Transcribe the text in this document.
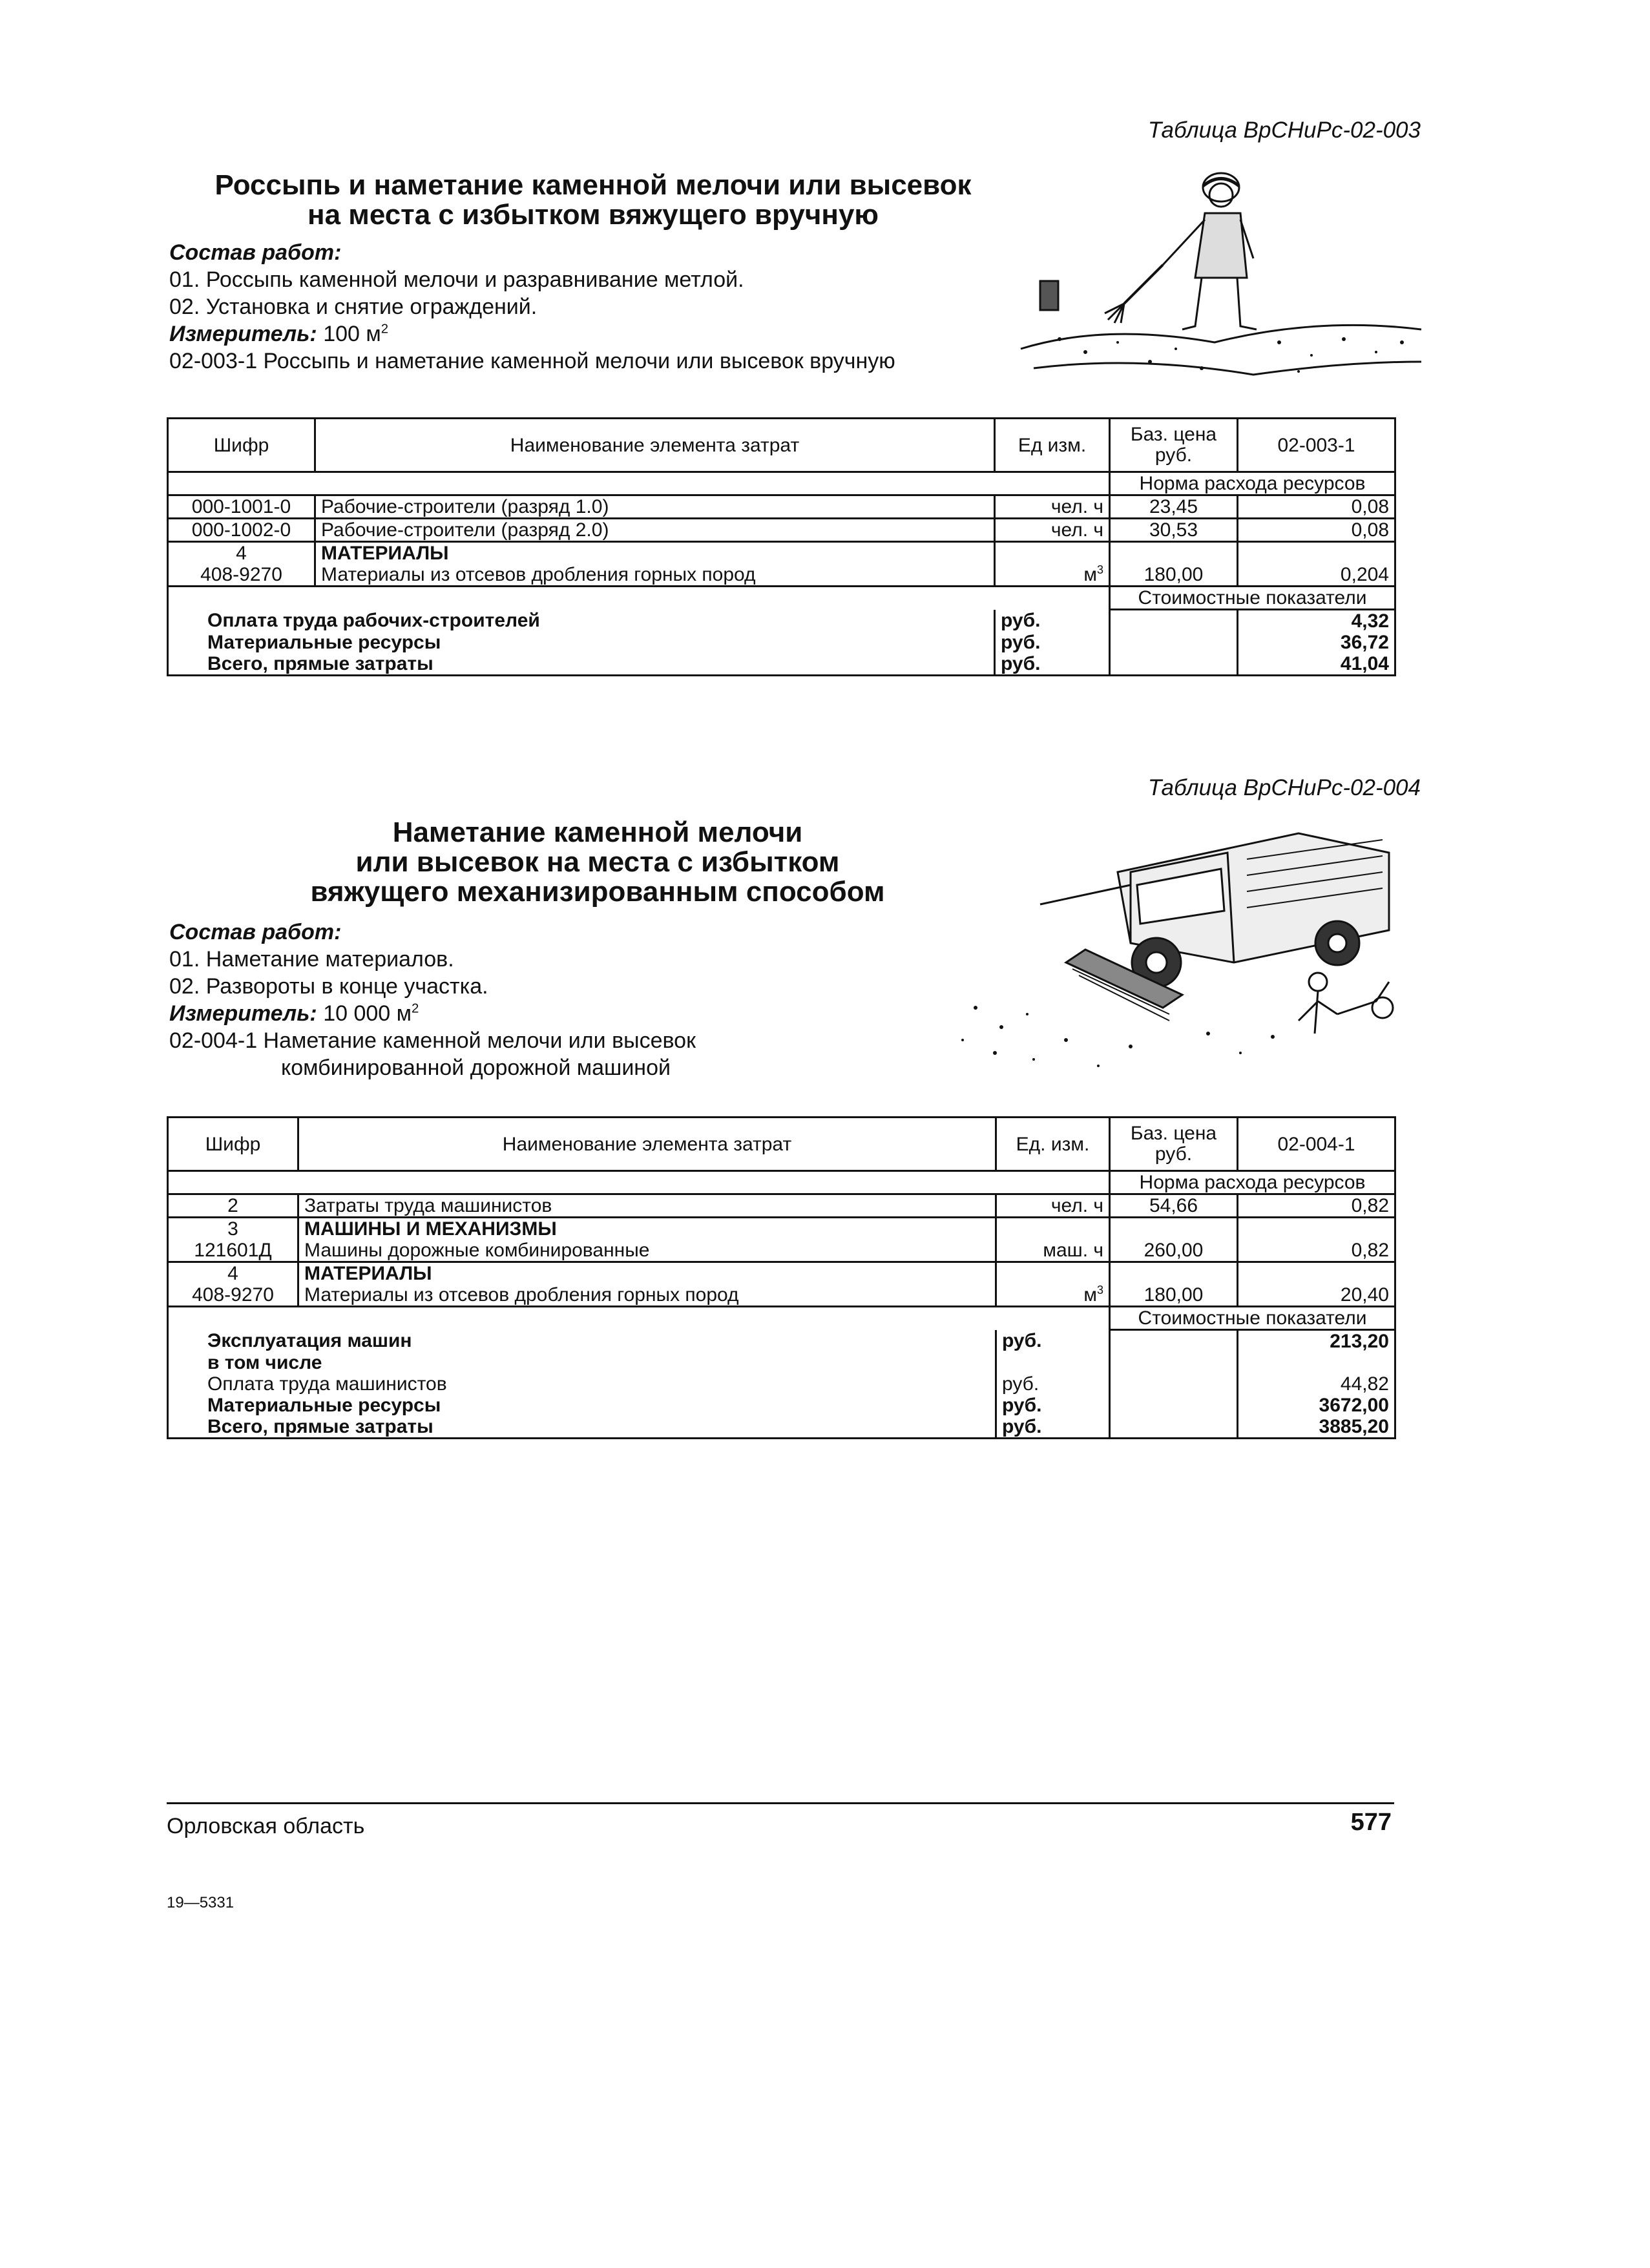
Таблица ВрСНиРс-02-003
Россыпь и наметание каменной мелочи или высевок
на места с избытком вяжущего вручную
Состав работ:
01. Россыпь каменной мелочи и разравнивание метлой.
02. Установка и снятие ограждений.
Измеритель: 100 $м^2$
02-003-1 Россыпь и наметание каменной мелочи или высевок вручную
Шифр	Наименование элемента затрат	Ед изм.	Баз. цена руб.	02-003-1
			Норма расхода ресурсов	
000-1001-0	Рабочие-строители (разряд 1.0)	чел. ч	23,45	0,08
000-1002-0	Рабочие-строители (разряд 2.0)	чел. ч	30,53	0,08
4	МАТЕРИАЛЫ			
408-9270	Материалы из отсевов дробления горных пород	$м^3$	180,00	0,204
			Стоимостные показатели	
Оплата труда рабочих-строителей		руб.		4,32
Материальные ресурсы		руб.		36,72
Всего, прямые затраты		руб.		41,04
Таблица ВрСНиРс-02-004
Наметание каменной мелочи
или высевок на места с избытком
вяжущего механизированным способом
Состав работ:
01. Наметание материалов.
02. Развороты в конце участка.
Измеритель: 10 000 $м^2$
02-004-1 Наметание каменной мелочи или высевок
комбинированной дорожной машиной
Шифр	Наименование элемента затрат	Ед. изм.	Баз. цена руб.	02-004-1
			Норма расхода ресурсов	
2	Затраты труда машинистов	чел. ч	54,66	0,82
3	МАШИНЫ И МЕХАНИЗМЫ			
121601Д	Машины дорожные комбинированные	маш. ч	260,00	0,82
4	МАТЕРИАЛЫ			
408-9270	Материалы из отсевов дробления горных пород	$м^3$	180,00	20,40
			Стоимостные показатели	
Эксплуатация машин		руб.		213,20
в том числе				
Оплата труда машинистов		руб.		44,82
Материальные ресурсы		руб.		3672,00
Всего, прямые затраты		руб.		3885,20
Орловская область	577
19—5331
